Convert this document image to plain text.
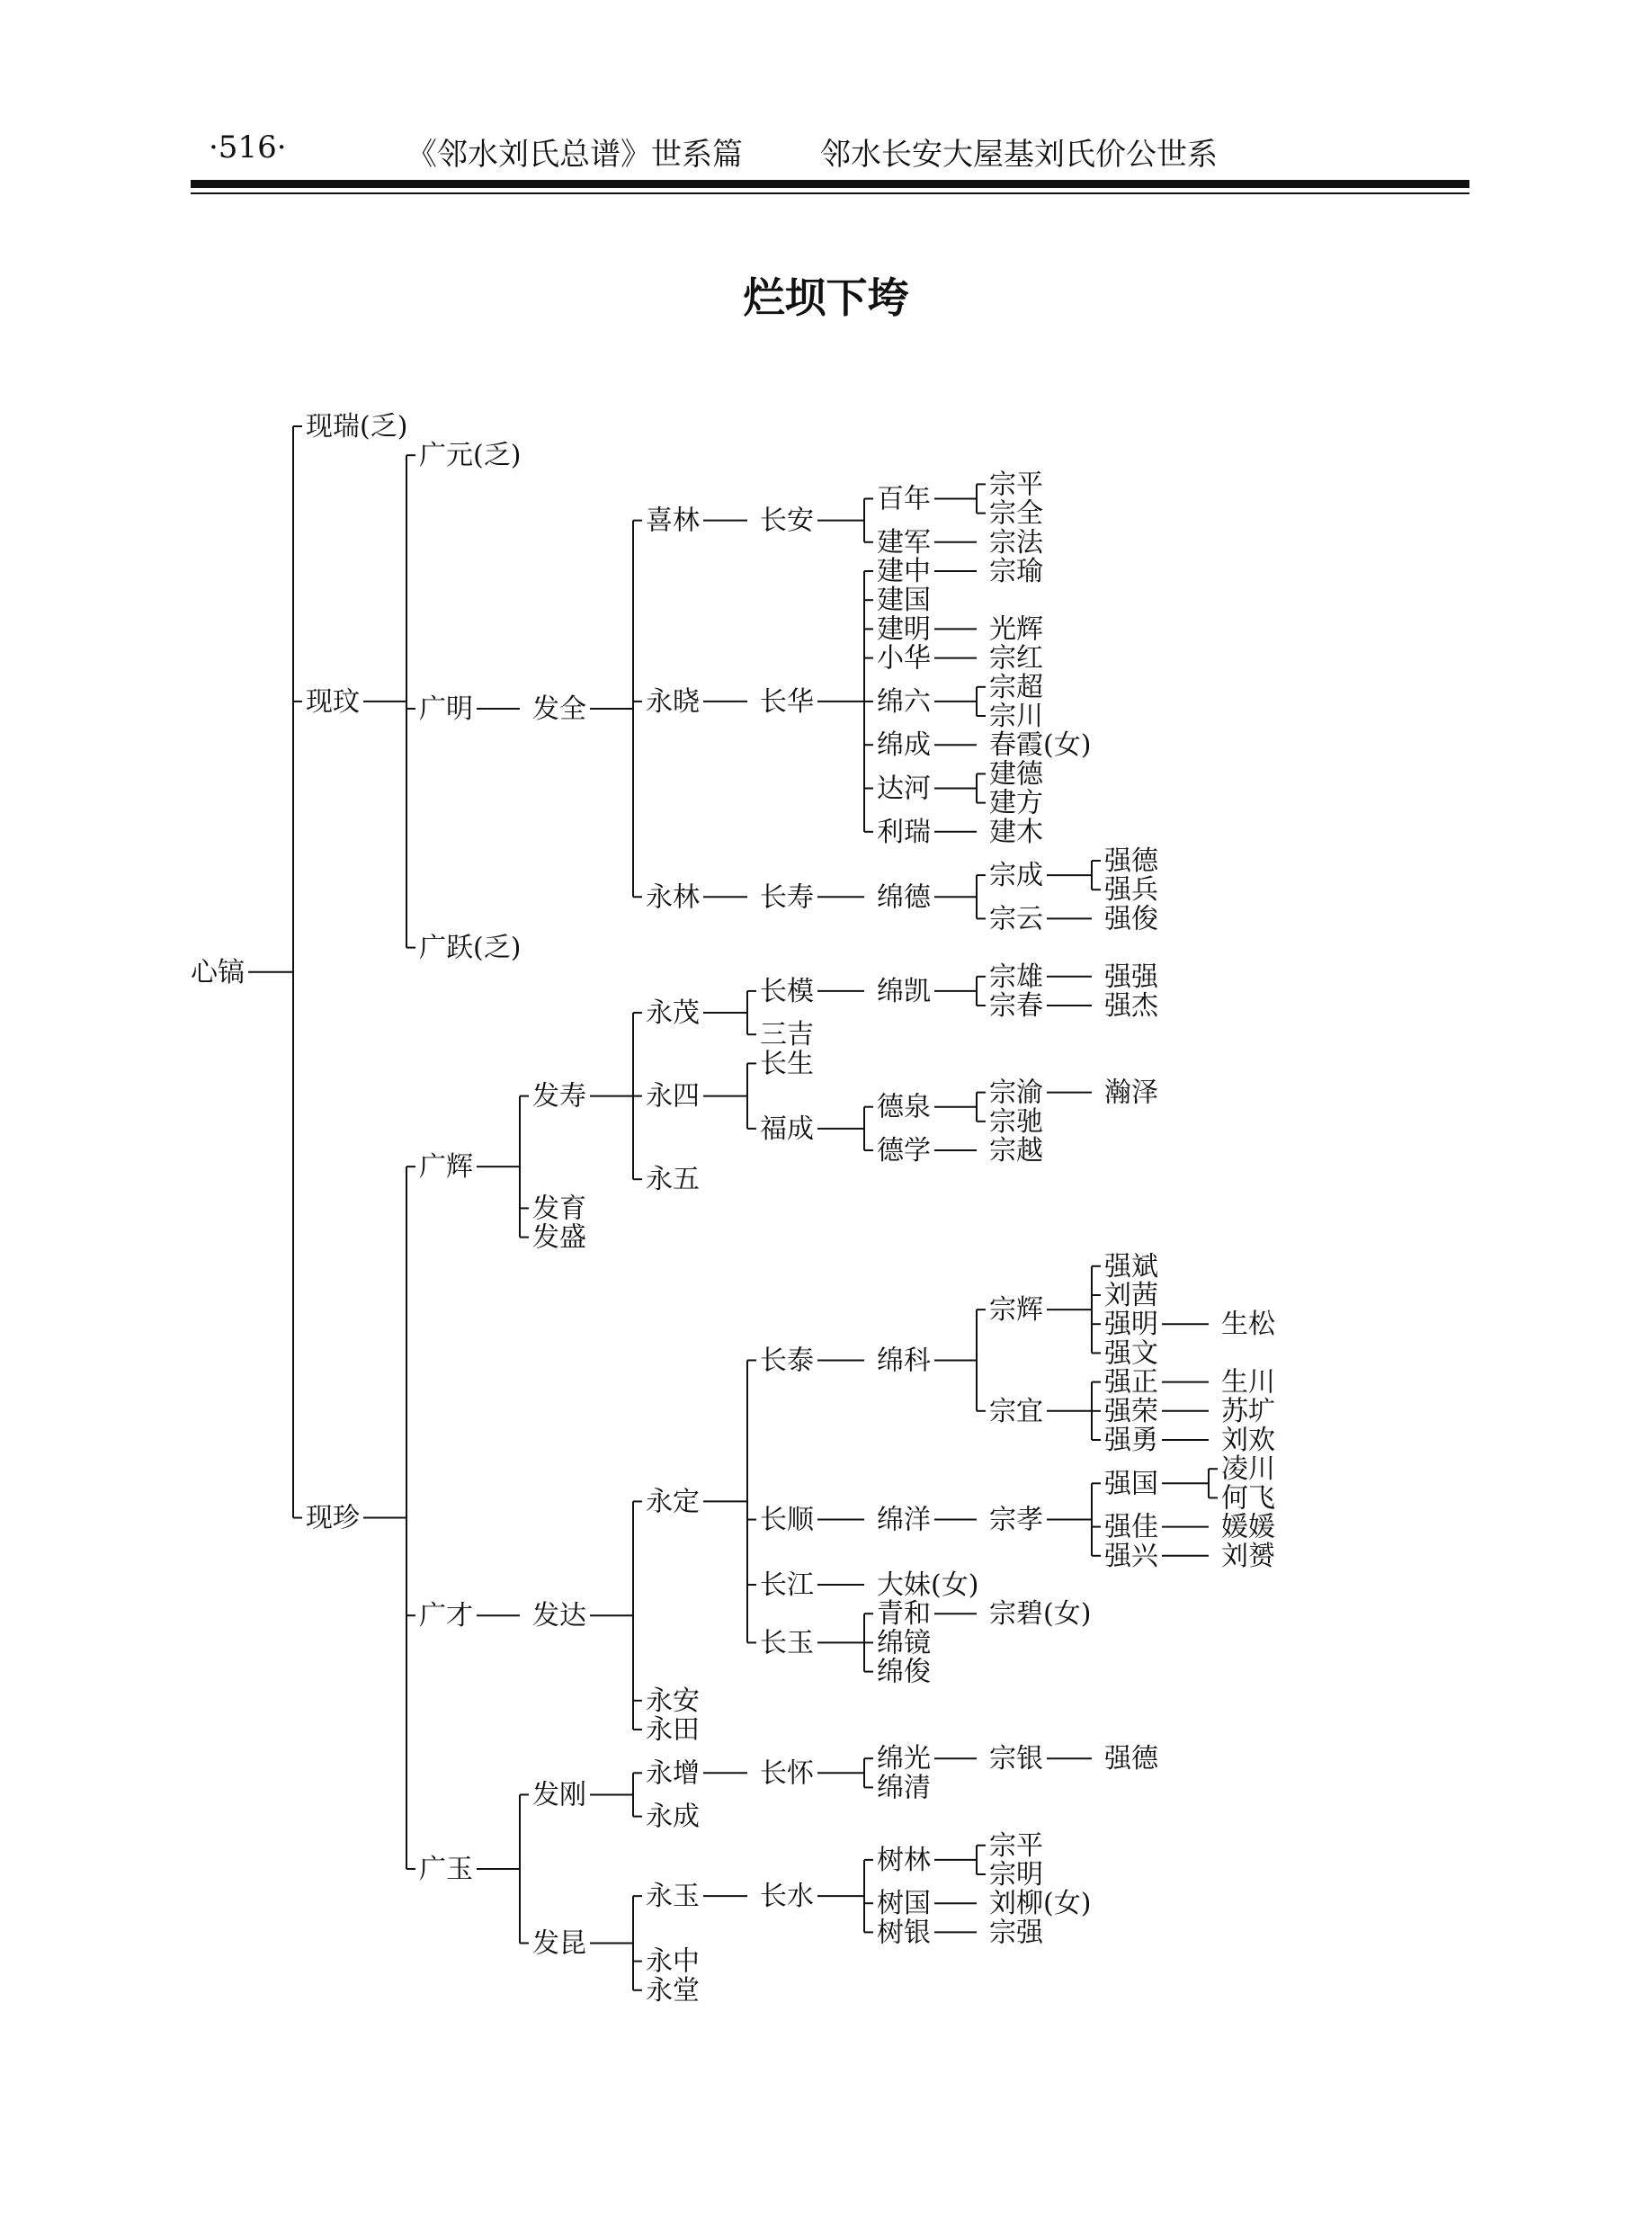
·516·	《邻水刘氏总谱》世系篇	邻水长安大屋基刘氏价公世系
烂坝下垮
心镐
现瑞(乏)
现玟
广元(乏)
广明 发全
喜林 长安
百年 宗平
宗全
建军 宗法
永晓 长华
建中 宗瑜
建国
建明 光辉
小华 宗红
绵六 宗超
宗川
绵成 春霞(女)
达河 建德
建方
利瑞 建木
永林 长寿 绵德
宗成 强德
强兵
宗云 强俊
广跃(乏)
现珍
广辉
发寿
永茂
长模 绵凯 宗雄 强强
宗春 强杰
三吉
永四
长生
福成
德泉 宗渝 瀚泽
宗驰
德学 宗越
永五
发育
发盛
广才 发达
永定
长泰 绵科
宗辉
强斌
刘茜
强明 生松
强文
宗宜
强正 生川
强荣 苏圹
强勇 刘欢
长顺 绵洋 宗孝
强国 凌川
何飞
强佳 媛媛
强兴 刘赟
长江 大妹(女)
长玉
青和 宗碧(女)
绵镜
绵俊
永安
永田
广玉
发刚
永增 长怀 绵光 宗银 强德
绵清
永成
发昆
永玉 长水
树林 宗平
宗明
树国 刘柳(女)
树银 宗强
永中
永堂
